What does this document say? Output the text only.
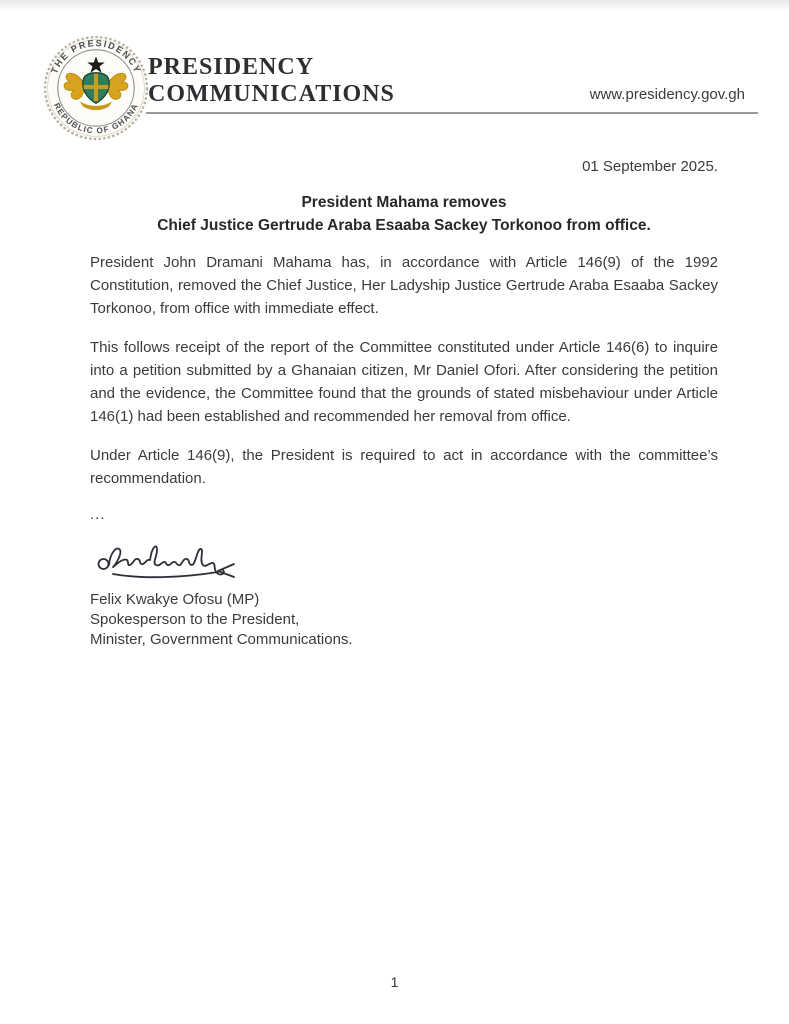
THE PRESIDENCY
REPUBLIC OF GHANA
PRESIDENCY
COMMUNICATIONS	www.presidency.gov.gh

01 September 2025.

President Mahama removes
Chief Justice Gertrude Araba Esaaba Sackey Torkonoo from office.

President John Dramani Mahama has, in accordance with Article 146(9) of the 1992 Constitution, removed the Chief Justice, Her Ladyship Justice Gertrude Araba Esaaba Sackey Torkonoo, from office with immediate effect.

This follows receipt of the report of the Committee constituted under Article 146(6) to inquire into a petition submitted by a Ghanaian citizen, Mr Daniel Ofori. After considering the petition and the evidence, the Committee found that the grounds of stated misbehaviour under Article 146(1) had been established and recommended her removal from office.

Under Article 146(9), the President is required to act in accordance with the committee’s recommendation.

...
Felix Kwakye Ofosu (MP)
Spokesperson to the President,
Minister, Government Communications.
1
